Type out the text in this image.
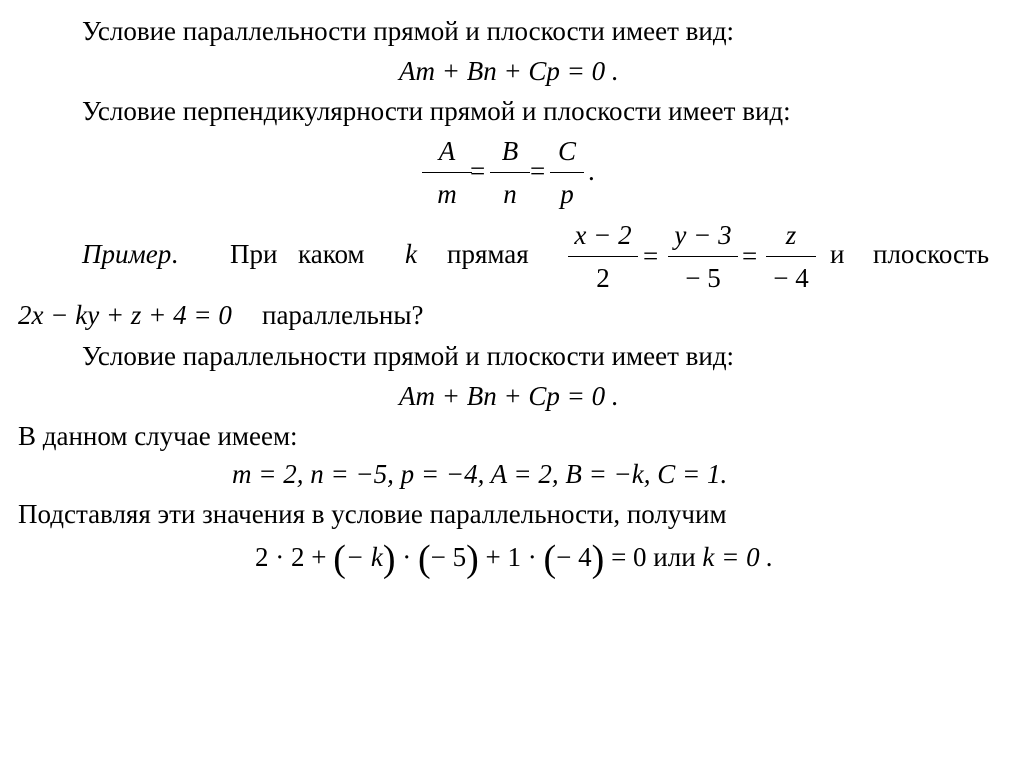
Условие параллельности прямой и плоскости имеет вид:
Am + Bn + Cp = 0 .
Условие перпендикулярности прямой и плоскости имеет вид:
A
m
=
B
n
=
C
p
.
Пример. При каком k прямая
x − 2
2
=
y − 3
− 5
=
z
− 4
и плоскость
2x − ky + z + 4 = 0 параллельны?
Условие параллельности прямой и плоскости имеет вид:
Am + Bn + Cp = 0 .
В данном случае имеем:
m = 2, n = −5, p = −4, A = 2, B = −k, C = 1.
Подставляя эти значения в условие параллельности, получим
2 · 2 + (− k) · (− 5) + 1 · (− 4) = 0 или k = 0 .
